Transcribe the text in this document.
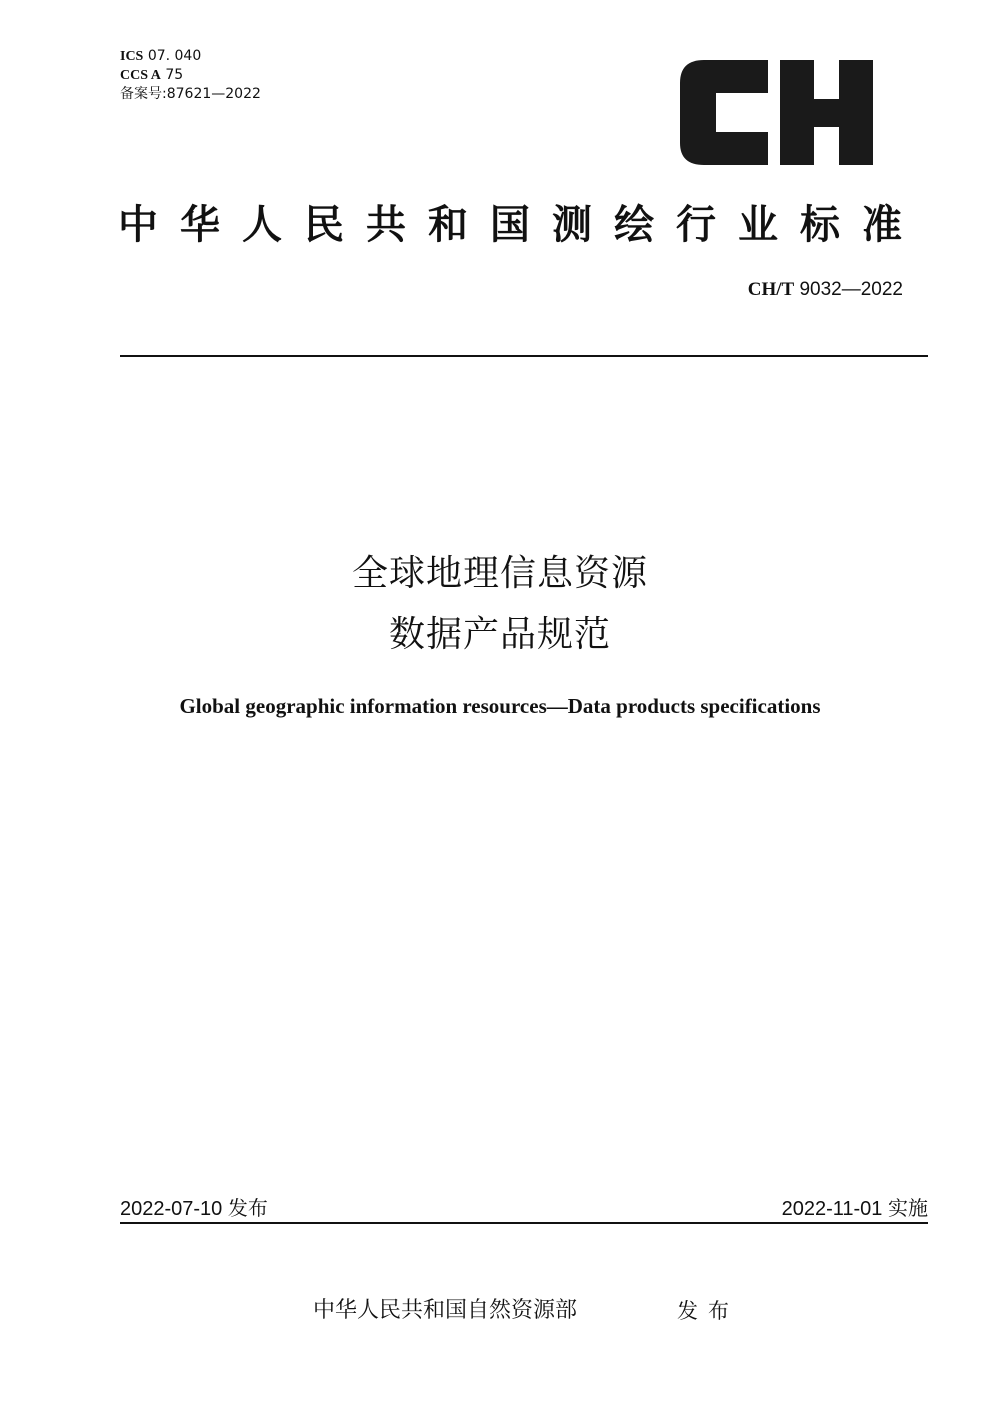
ICS 07. 040
CCS A 75
备案号:87621—2022
中华人民共和国测绘行业标准
CH/T 9032—2022
全球地理信息资源
数据产品规范
Global geographic information resources—Data products specifications
2022-07-10 发布	2022-11-01 实施
中华人民共和国自然资源部	发布
